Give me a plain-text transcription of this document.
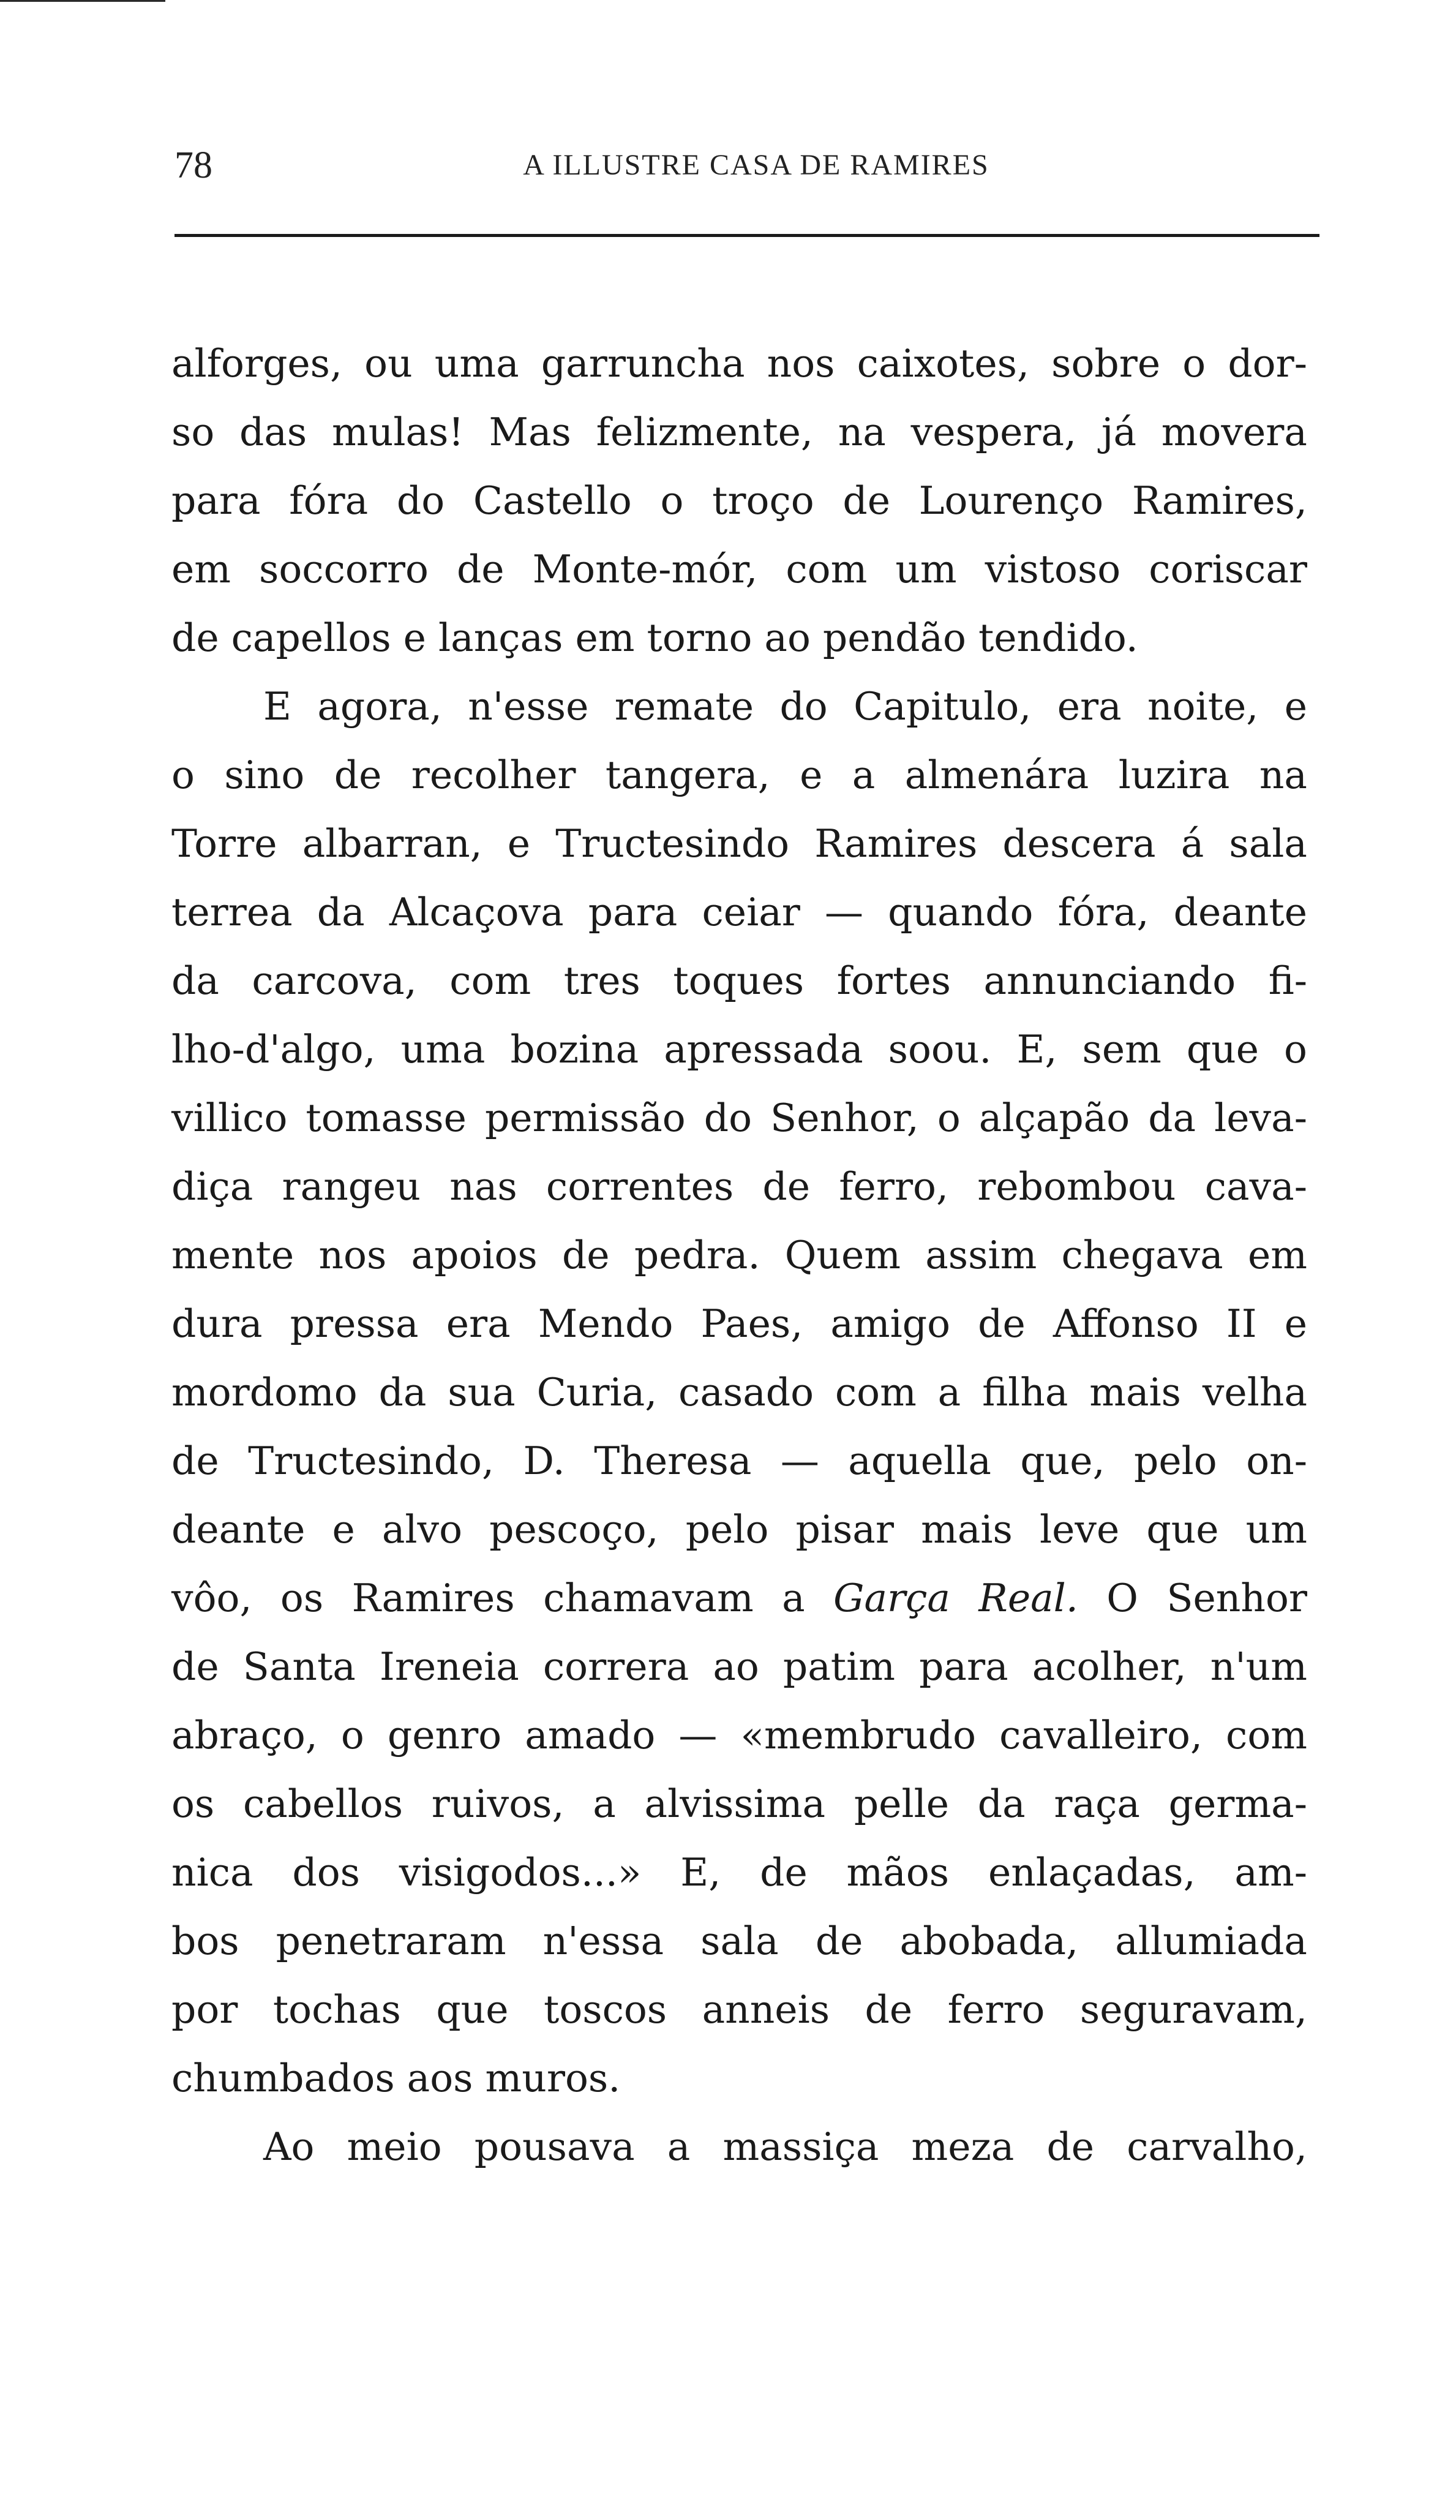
78	A ILLUSTRE CASA DE RAMIRES
alforges, ou uma garruncha nos caixotes, sobre o dor-
so das mulas! Mas felizmente, na vespera, já movera
para fóra do Castello o troço de Lourenço Ramires,
em soccorro de Monte-mór, com um vistoso coriscar
de capellos e lanças em torno ao pendão tendido.
E agora, n'esse remate do Capitulo, era noite, e
o sino de recolher tangera, e a almenára luzira na
Torre albarran, e Tructesindo Ramires descera á sala
terrea da Alcaçova para ceiar — quando fóra, deante
da carcova, com tres toques fortes annunciando fi-
lho-d'algo, uma bozina apressada soou. E, sem que o
villico tomasse permissão do Senhor, o alçapão da leva-
diça rangeu nas correntes de ferro, rebombou cava-
mente nos apoios de pedra. Quem assim chegava em
dura pressa era Mendo Paes, amigo de Affonso II e
mordomo da sua Curia, casado com a filha mais velha
de Tructesindo, D. Theresa — aquella que, pelo on-
deante e alvo pescoço, pelo pisar mais leve que um
vôo, os Ramires chamavam a Garça Real. O Senhor
de Santa Ireneia correra ao patim para acolher, n'um
abraço, o genro amado — «membrudo cavalleiro, com
os cabellos ruivos, a alvissima pelle da raça germa-
nica dos visigodos...» E, de mãos enlaçadas, am-
bos penetraram n'essa sala de abobada, allumiada
por tochas que toscos anneis de ferro seguravam,
chumbados aos muros.
Ao meio pousava a massiça meza de carvalho,
